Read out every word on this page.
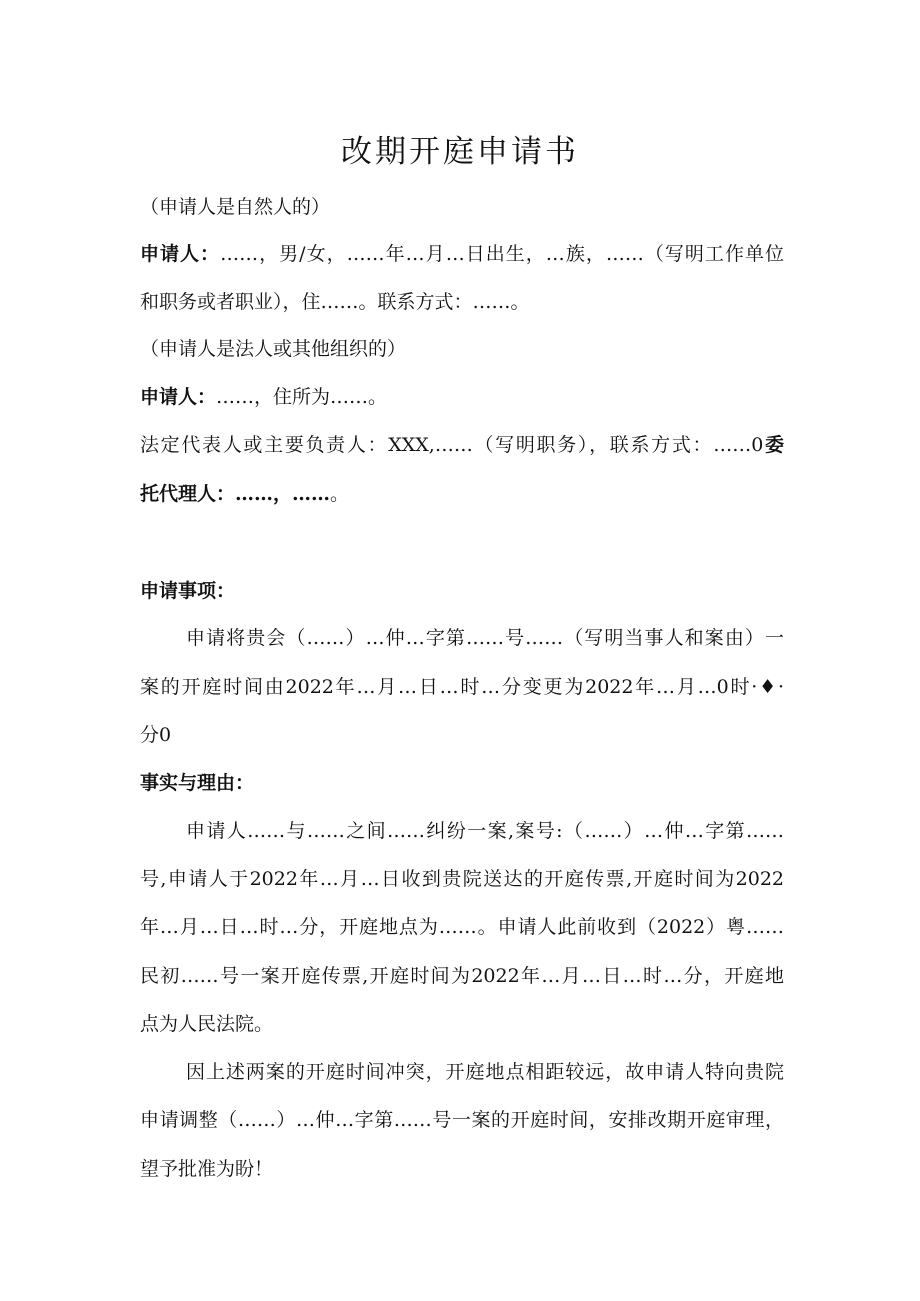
改期开庭申请书
（申请人是自然人的）
申请人：……，男/女，……年…月…日出生，…族，……（写明工作单位
和职务或者职业），住……。联系方式：……。
（申请人是法人或其他组织的）
申请人：……，住所为……。
法定代表人或主要负责人：XXX,……（写明职务），联系方式：……0委
托代理人：……，……。
申请事项：
申请将贵会（……）…仲…字第……号……（写明当事人和案由）一
案的开庭时间由2022年…月…日…时…分变更为2022年…月…0时·♦·
分0
事实与理由：
申请人……与……之间……纠纷一案,案号:（……）…仲…字第……
号,申请人于2022年…月…日收到贵院送达的开庭传票,开庭时间为2022
年…月…日…时…分，开庭地点为……。申请人此前收到（2022）粤……
民初……号一案开庭传票,开庭时间为2022年…月…日…时…分，开庭地
点为人民法院。
因上述两案的开庭时间冲突，开庭地点相距较远，故申请人特向贵院
申请调整（……）…仲…字第……号一案的开庭时间，安排改期开庭审理，
望予批准为盼！
